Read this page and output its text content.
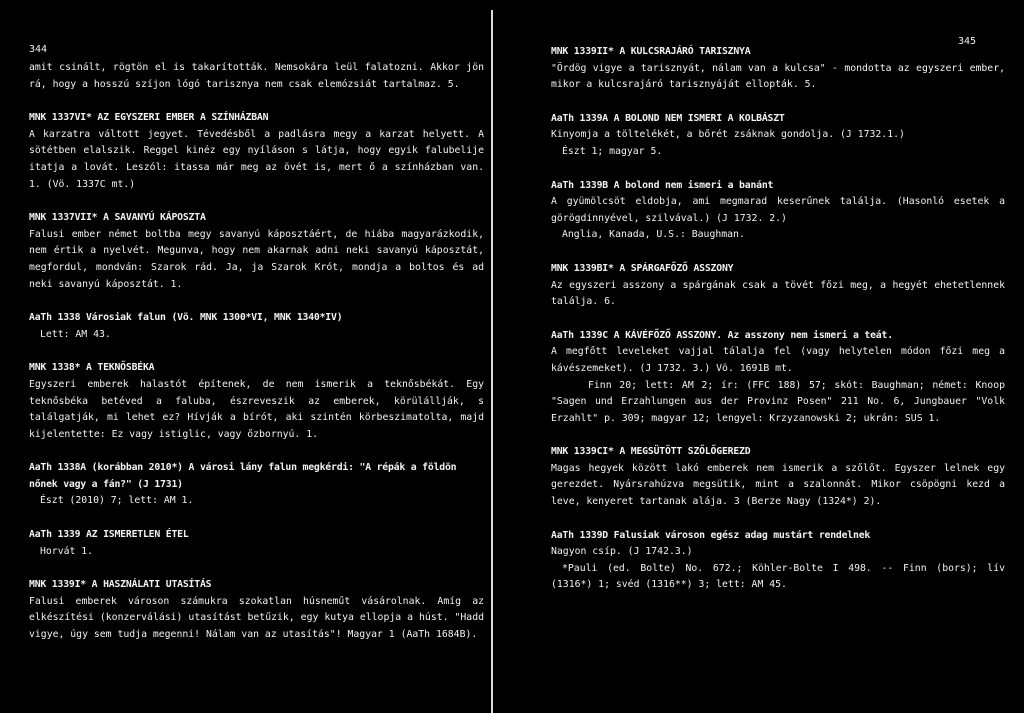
344
amit csinált, rögtön el is takarították. Nemsokára leül falatozni. Akkor jön rá, hogy a hosszú szíjon lógó tarisznya nem csak elemózsiát tartalmaz. 5.
MNK 1337VI* AZ EGYSZERI EMBER A SZÍNHÁZBAN
A karzatra váltott jegyet. Tévedésből a padlásra megy a karzat helyett. A sötétben elalszik. Reggel kinéz egy nyíláson s látja, hogy egyik falubelije itatja a lovát. Leszól: itassa már meg az övét is, mert ő a színházban van. 1. (Vö. 1337C mt.)
MNK 1337VII* A SAVANYÚ KÁPOSZTA
Falusi ember német boltba megy savanyú káposztáért, de hiába magyarázkodik, nem értik a nyelvét. Megunva, hogy nem akarnak adni neki savanyú káposztát, megfordul, mondván: Szarok rád. Ja, ja Szarok Krót, mondja a boltos és ad neki savanyú káposztát. 1.
AaTh 1338 Városiak falun (Vö. MNK 1300*VI, MNK 1340*IV)
Lett: AM 43.
MNK 1338* A TEKNŐSBÉKA
Egyszeri emberek halastót építenek, de nem ismerik a teknősbékát. Egy teknősbéka betéved a faluba, észreveszik az emberek, körülállják, s találgatják, mi lehet ez? Hívják a bírót, aki szintén körbeszimatolta, majd kijelentette: Ez vagy istiglic, vagy őzbornyú. 1.
AaTh 1338A (korábban 2010*) A városi lány falun megkérdi: "A répák a földön nőnek vagy a fán?" (J 1731)
Észt (2010) 7; lett: AM 1.
AaTh 1339 AZ ISMERETLEN ÉTEL
Horvát 1.
MNK 1339I* A HASZNÁLATI UTASÍTÁS
Falusi emberek városon számukra szokatlan húsneműt vásárolnak. Amíg az elkészítési (konzerválási) utasítást betűzik, egy kutya ellopja a húst. "Hadd vigye, úgy sem tudja megenni! Nálam van az utasítás"! Magyar 1 (AaTh 1684B).
345
MNK 1339II* A KULCSRAJÁRÓ TARISZNYA
"Ördög vigye a tarisznyát, nálam van a kulcsa" - mondotta az egyszeri ember, mikor a kulcsrajáró tarisznyáját ellopták. 5.
AaTh 1339A A BOLOND NEM ISMERI A KOLBÁSZT
Kinyomja a töltelékét, a bőrét zsáknak gondolja. (J 1732.1.)
Észt 1; magyar 5.
AaTh 1339B A bolond nem ismeri a banánt
A gyümölcsöt eldobja, ami megmarad keserűnek találja. (Hasonló esetek a görögdinnyével, szilvával.) (J 1732. 2.)
Anglia, Kanada, U.S.: Baughman.
MNK 1339BI* A SPÁRGAFŐZŐ ASSZONY
Az egyszeri asszony a spárgának csak a tövét főzi meg, a hegyét ehetetlennek találja. 6.
AaTh 1339C A KÁVÉFŐZŐ ASSZONY. Az asszony nem ismeri a teát.
A megfőtt leveleket vajjal tálalja fel (vagy helytelen módon főzi meg a kávészemeket). (J 1732. 3.) Vö. 1691B mt.
Finn 20; lett: AM 2; ír: (FFC 188) 57; skót: Baughman; német: Knoop "Sagen und Erzahlungen aus der Provinz Posen" 211 No. 6, Jungbauer "Volk Erzahlt" p. 309; magyar 12; lengyel: Krzyzanowski 2; ukrán: SUS 1.
MNK 1339CI* A MEGSÜTÖTT SZŐLŐGEREZD
Magas hegyek között lakó emberek nem ismerik a szőlőt. Egyszer lelnek egy gerezdet. Nyársrahúzva megsütik, mint a szalonnát. Mikor csöpögni kezd a leve, kenyeret tartanak alája. 3 (Berze Nagy (1324*) 2).
AaTh 1339D Falusiak városon egész adag mustárt rendelnek
Nagyon csíp. (J 1742.3.)
*Pauli (ed. Bolte) No. 672.; Köhler-Bolte I 498. -- Finn (bors); lív (1316*) 1; svéd (1316**) 3; lett: AM 45.
